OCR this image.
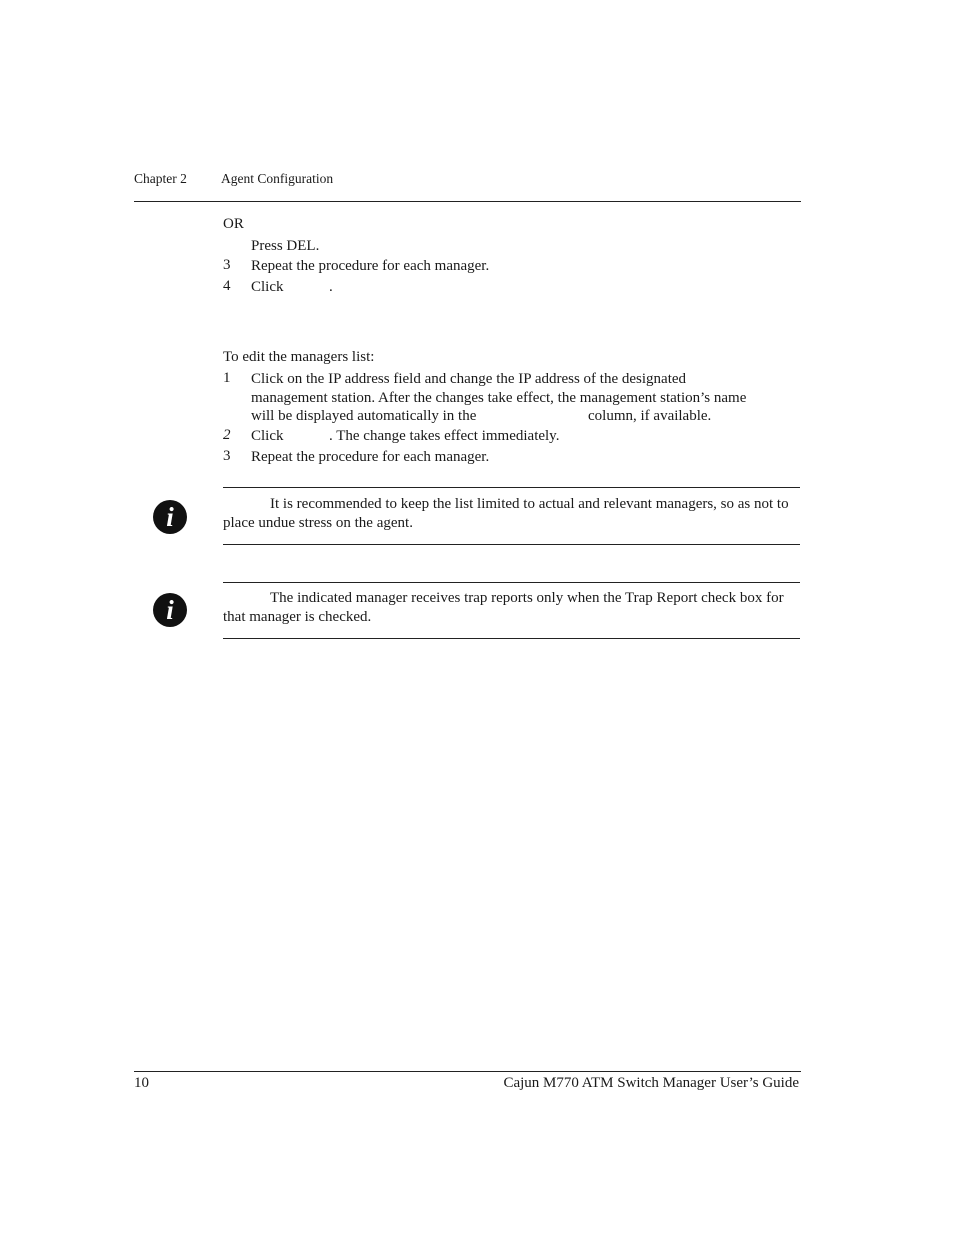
Chapter 2	Agent Configuration
OR
Press DEL.
3 Repeat the procedure for each manager.
4 Click	.
To edit the managers list:
1 Click on the IP address field and change the IP address of the designated
management station. After the changes take effect, the management station’s name
will be displayed automatically in the	column, if available.
2 Click	. The change takes effect immediately.
3 Repeat the procedure for each manager.
i	It is recommended to keep the list limited to actual and relevant managers, so as not to place undue stress on the agent.
i	The indicated manager receives trap reports only when the Trap Report check box for that manager is checked.
10	Cajun M770 ATM Switch Manager User’s Guide
